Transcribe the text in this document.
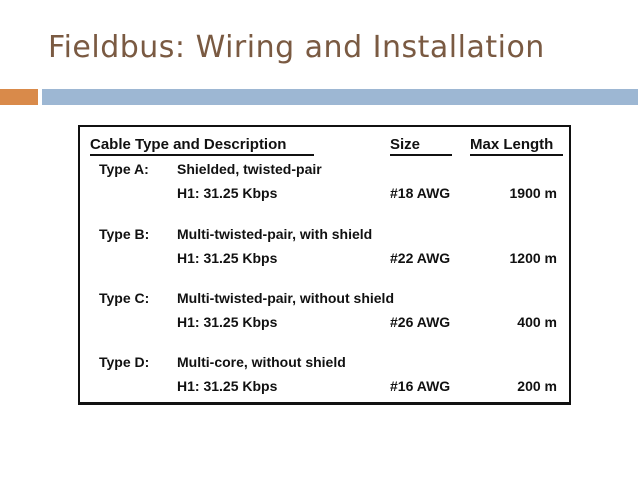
Fieldbus: Wiring and Installation
Cable Type and Description	Size	Max Length
Type A: Shielded, twisted-pair
H1: 31.25 Kbps	#18 AWG	1900 m
Type B: Multi-twisted-pair, with shield
H1: 31.25 Kbps	#22 AWG	1200 m
Type C: Multi-twisted-pair, without shield
H1: 31.25 Kbps	#26 AWG	400 m
Type D: Multi-core, without shield
H1: 31.25 Kbps	#16 AWG	200 m
